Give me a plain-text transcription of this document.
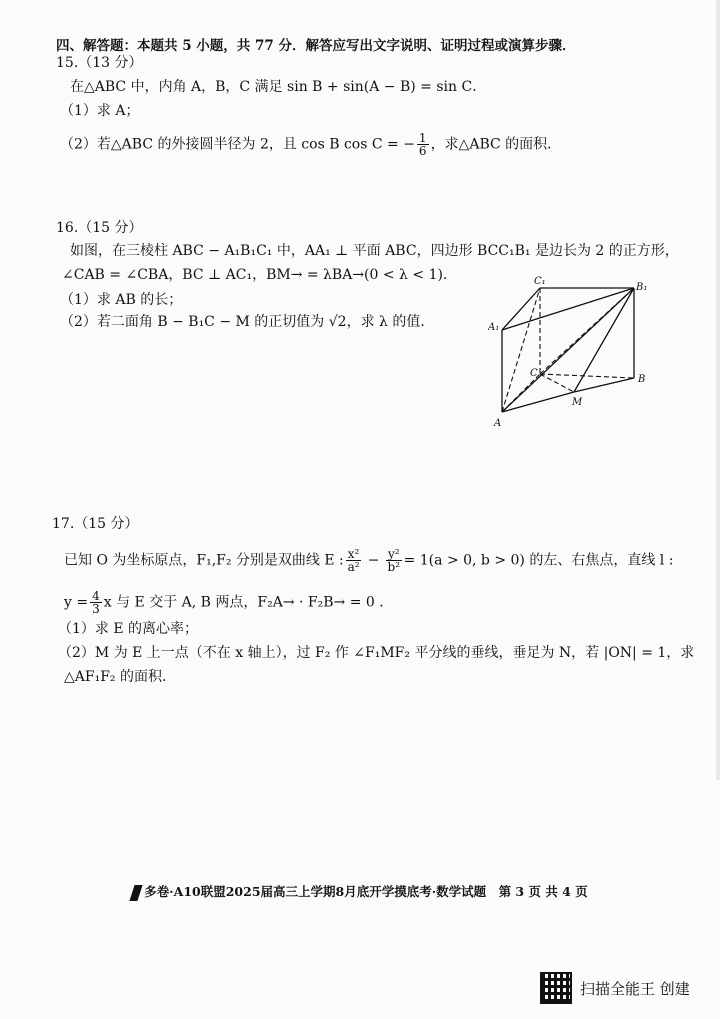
四、解答题：本题共 5 小题，共 77 分．解答应写出文字说明、证明过程或演算步骤．
15.（13 分）
在△ABC 中，内角 A，B，C 满足 sin B + sin(A − B) = sin C．
（1）求 A；
（2）若△ABC 的外接圆半径为 2，且 cos B cos C = − $\frac{1}{6}$ ，求△ABC 的面积．
16.（15 分）
如图，在三棱柱 ABC − A₁B₁C₁ 中，AA₁ ⊥ 平面 ABC，四边形 BCC₁B₁ 是边长为 2 的正方形，
∠CAB = ∠CBA，BC ⊥ AC₁，BM→ = λBA→(0 < λ < 1)．
（1）求 AB 的长；
（2）若二面角 B − B₁C − M 的正切值为 √2，求 λ 的值．
C₁
B₁
A₁
C
B
M
A
17.（15 分）
已知 O 为坐标原点，F₁,F₂ 分别是双曲线 E : $\frac{\text{x²}}{\text{a²}} - \frac{\text{y²}}{\text{b²}} = 1(a > 0$, b > 0) 的左、右焦点，直线 l :
$y = \frac{4}{3}$ x 与 E 交于 A, B 两点，F₂A→ · F₂B→ = 0 ．
（1）求 E 的离心率；
（2）M 为 E 上一点（不在 x 轴上），过 F₂ 作 ∠F₁MF₂ 平分线的垂线，垂足为 N，若 |ON| = 1，求
△AF₁F₂ 的面积．
多卷·A10联盟2025届高三上学期8月底开学摸底考·数学试题　第 3 页 共 4 页
扫描全能王 创建
